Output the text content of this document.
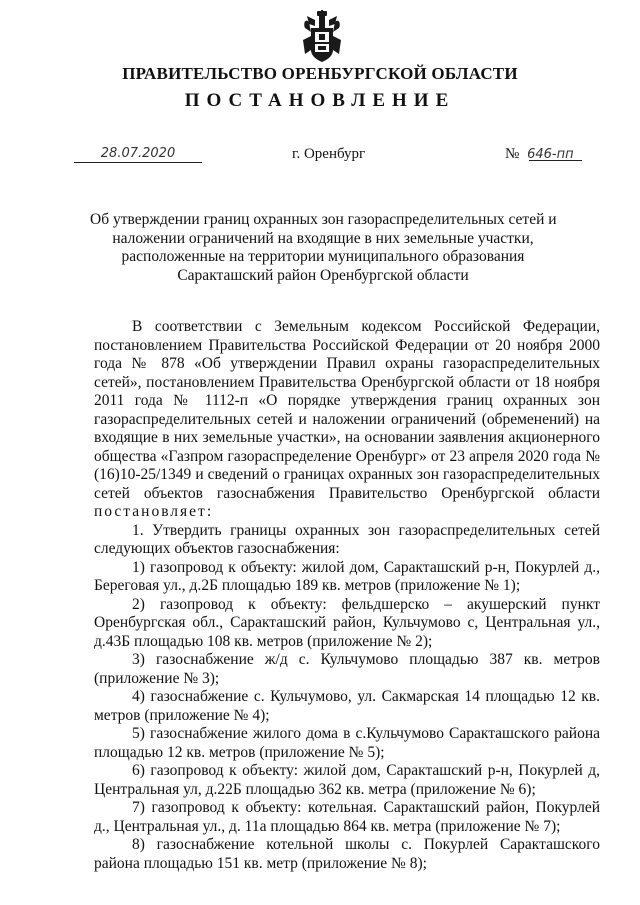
ПРАВИТЕЛЬСТВО ОРЕНБУРГСКОЙ ОБЛАСТИ
ПОСТАНОВЛЕНИЕ
28.07.2020	г. Оренбург	№ 646-пп
Об утверждении границ охранных зон газораспределительных сетей и
наложении ограничений на входящие в них земельные участки,
расположенные на территории муниципального образования
Саракташский район Оренбургской области

В соответствии с Земельным кодексом Российской Федерации, постановлением Правительства Российской Федерации от 20 ноября 2000 года № 878 «Об утверждении Правил охраны газораспределительных сетей», постановлением Правительства Оренбургской области от 18 ноября 2011 года № 1112-п «О порядке утверждения границ охранных зон газораспределительных сетей и наложении ограничений (обременений) на входящие в них земельные участки», на основании заявления акционерного общества «Газпром газораспределение Оренбург» от 23 апреля 2020 года № (16)10-25/1349 и сведений о границах охранных зон газораспределительных сетей объектов газоснабжения Правительство Оренбургской области постановляет:

1. Утвердить границы охранных зон газораспределительных сетей следующих объектов газоснабжения:

1) газопровод к объекту: жилой дом, Саракташский р-н, Покурлей д., Береговая ул., д.2Б площадью 189 кв. метров (приложение № 1);

2) газопровод к объекту: фельдшерско – акушерский пункт Оренбургская обл., Саракташский район, Кульчумово с, Центральная ул., д.43Б площадью 108 кв. метров (приложение № 2);

3) газоснабжение ж/д с. Кульчумово площадью 387 кв. метров (приложение № 3);

4) газоснабжение с. Кульчумово, ул. Сакмарская 14 площадью 12 кв. метров (приложение № 4);

5) газоснабжение жилого дома в с.Кульчумово Саракташского района площадью 12 кв. метров (приложение № 5);

6) газопровод к объекту: жилой дом, Саракташский р-н, Покурлей д, Центральная ул, д.22Б площадью 362 кв. метра (приложение № 6);

7) газопровод к объекту: котельная. Саракташский район, Покурлей д., Центральная ул., д. 11а площадью 864 кв. метра (приложение № 7);

8) газоснабжение котельной школы с. Покурлей Саракташского района площадью 151 кв. метр (приложение № 8);
